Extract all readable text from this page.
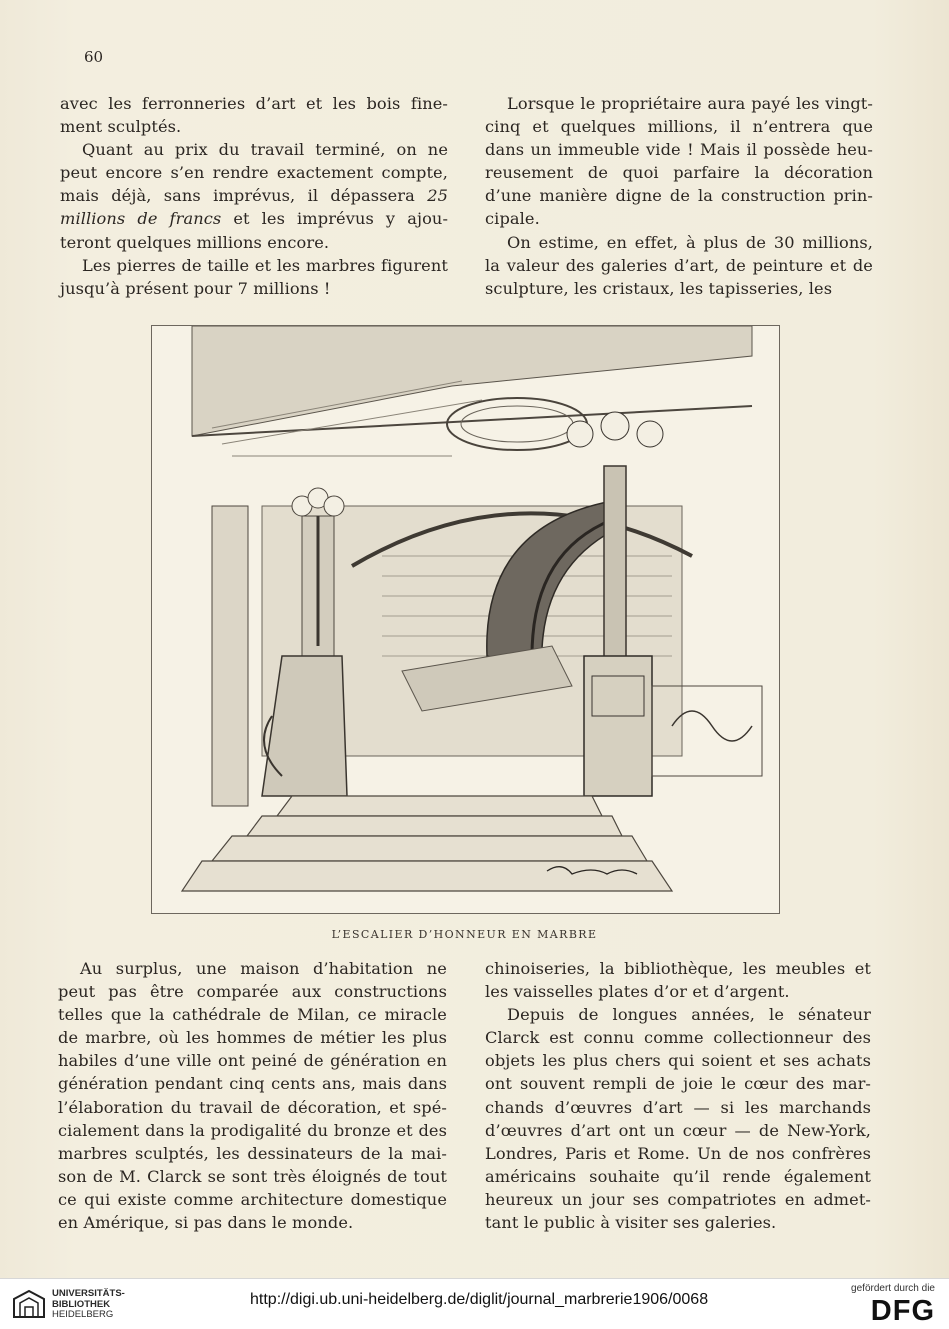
60

avec les ferronneries d’art et les bois fine- ment sculptés.

Quant au prix du travail terminé, on ne peut encore s’en rendre exactement compte, mais déjà, sans imprévus, il dépassera 25 millions de francs et les imprévus y ajou- teront quelques millions encore.

Les pierres de taille et les marbres figurent jusqu’à présent pour 7 millions !

Lorsque le propriétaire aura payé les vingt- cinq et quelques millions, il n’entrera que dans un immeuble vide ! Mais il possède heu- reusement de quoi parfaire la décoration d’une manière digne de la construction prin- cipale.

On estime, en effet, à plus de 30 millions, la valeur des galeries d’art, de peinture et de sculpture, les cristaux, les tapisseries, les

L’ESCALIER D’HONNEUR EN MARBRE

Au surplus, une maison d’habitation ne peut pas être comparée aux constructions telles que la cathédrale de Milan, ce miracle de marbre, où les hommes de métier les plus habiles d’une ville ont peiné de génération en génération pendant cinq cents ans, mais dans l’élaboration du travail de décoration, et spé- cialement dans la prodigalité du bronze et des marbres sculptés, les dessinateurs de la mai- son de M. Clarck se sont très éloignés de tout ce qui existe comme architecture domestique en Amérique, si pas dans le monde.

chinoiseries, la bibliothèque, les meubles et les vaisselles plates d’or et d’argent.

Depuis de longues années, le sénateur Clarck est connu comme collectionneur des objets les plus chers qui soient et ses achats ont souvent rempli de joie le cœur des mar- chands d’œuvres d’art — si les marchands d’œuvres d’art ont un cœur — de New-York, Londres, Paris et Rome. Un de nos confrères américains souhaite qu’il rende également heureux un jour ses compatriotes en admet- tant le public à visiter ses galeries.

UNIVERSITÄTS-
BIBLIOTHEK
HEIDELBERG
http://digi.ub.uni-heidelberg.de/diglit/journal_marbrerie1906/0068
gefördert durch die
DFG
